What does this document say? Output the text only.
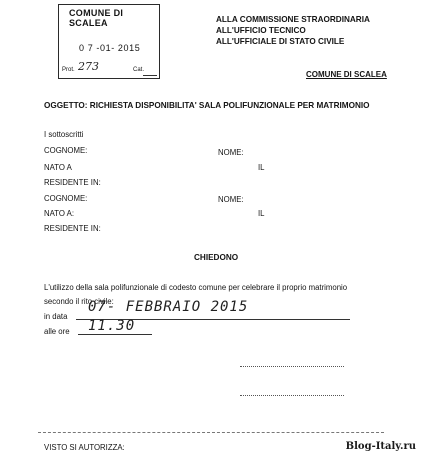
COMUNE DI SCALEA
0 7 -01- 2015
Prot. 273	Cat.
ALLA COMMISSIONE STRAORDINARIA
ALL'UFFICIO TECNICO
ALL'UFFICIALE DI STATO CIVILE
COMUNE DI SCALEA
OGGETTO: RICHIESTA DISPONIBILITA' SALA POLIFUNZIONALE PER MATRIMONIO
I sottoscritti
COGNOME:	NOME:
NATO A	IL
RESIDENTE IN:
COGNOME:	NOME:
NATO A:	IL
RESIDENTE IN:
CHIEDONO
L'utilizzo della sala polifunzionale di codesto comune per celebrare il proprio matrimonio
secondo il rito civile:
in data
07- FEBBRAIO 2015
alle ore 11.30
VISTO SI AUTORIZZA:	Blog-Italy.ru
